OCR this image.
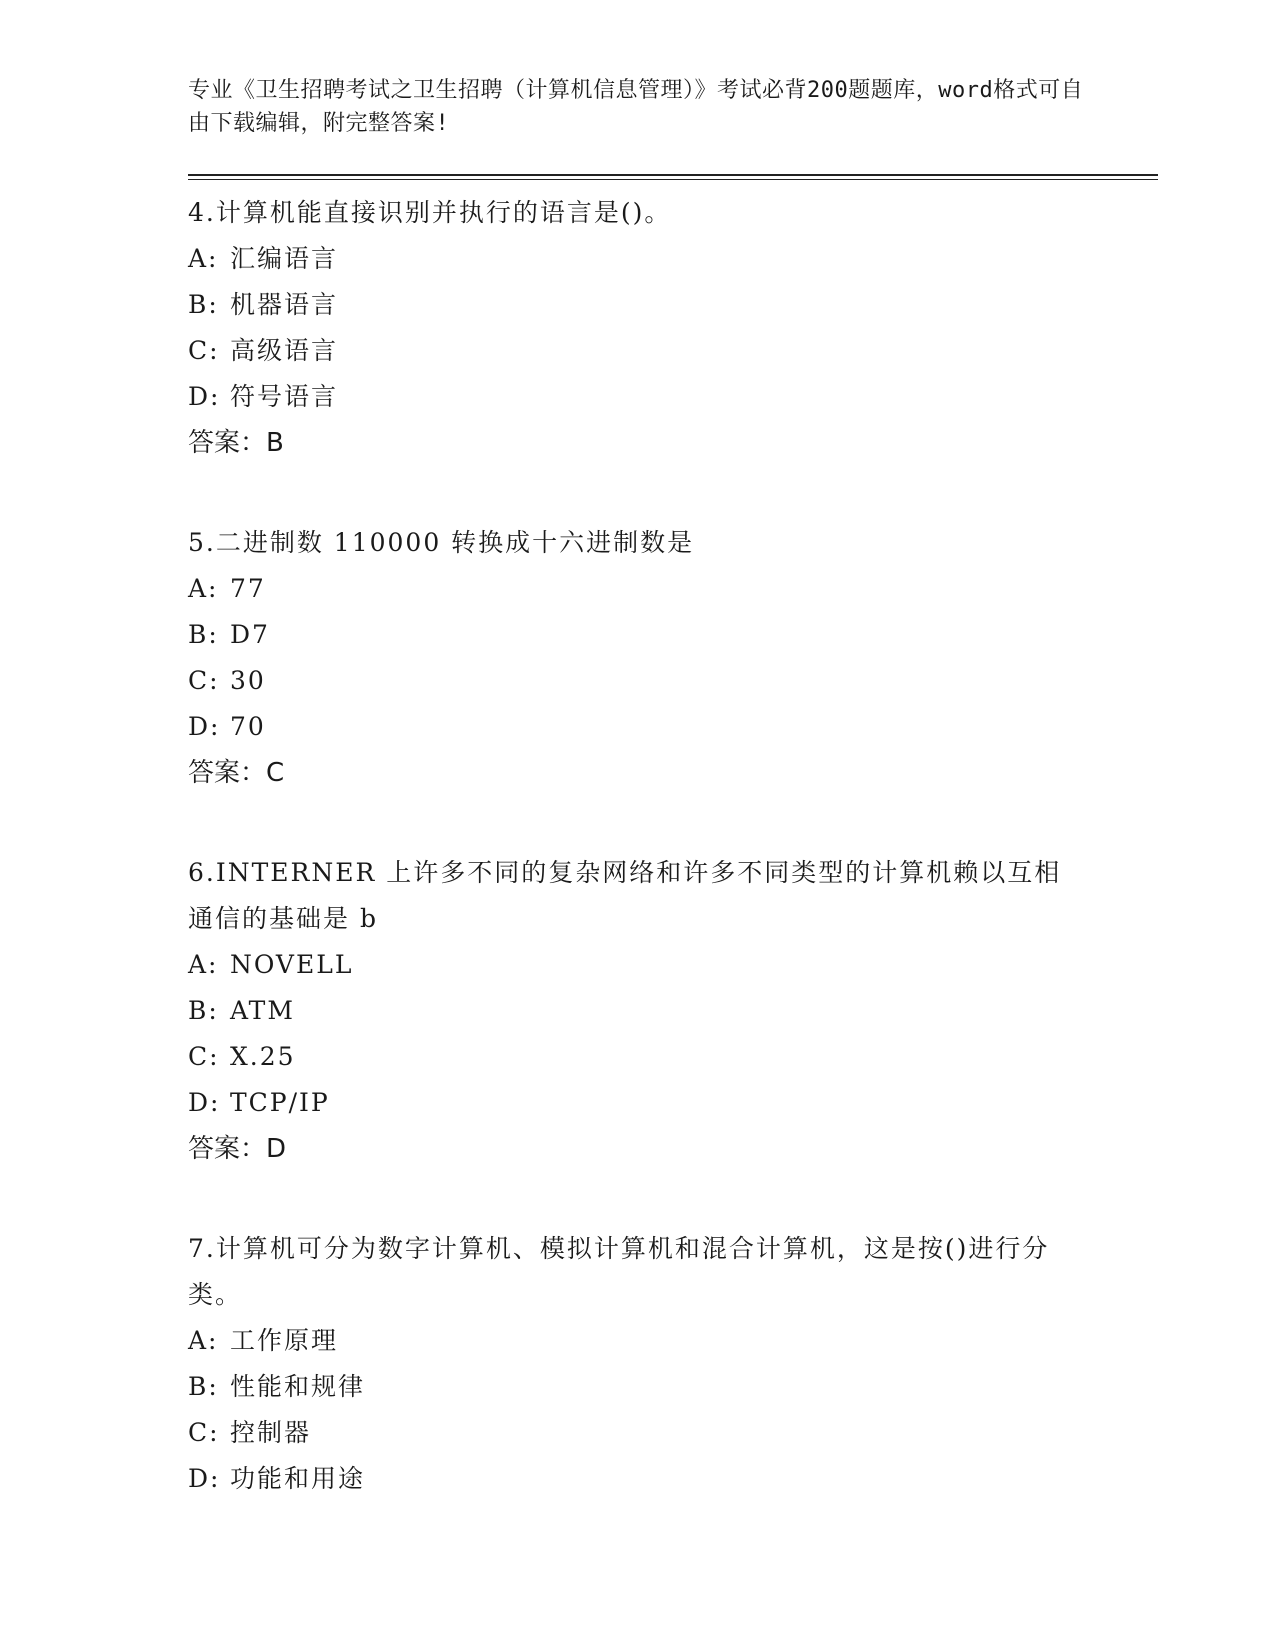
专业《卫生招聘考试之卫生招聘（计算机信息管理）》考试必背200题题库，word格式可自由下载编辑，附完整答案!

4.计算机能直接识别并执行的语言是()。

A: 汇编语言

B: 机器语言

C: 高级语言

D: 符号语言

答案：B

5.二进制数 110000 转换成十六进制数是

A: 77

B: D7

C: 30

D: 70

答案：C

6.INTERNER 上许多不同的复杂网络和许多不同类型的计算机赖以互相通信的基础是 b

A: NOVELL

B: ATM

C: X.25

D: TCP/IP

答案：D

7.计算机可分为数字计算机、模拟计算机和混合计算机，这是按()进行分类。

A: 工作原理

B: 性能和规律

C: 控制器

D: 功能和用途
